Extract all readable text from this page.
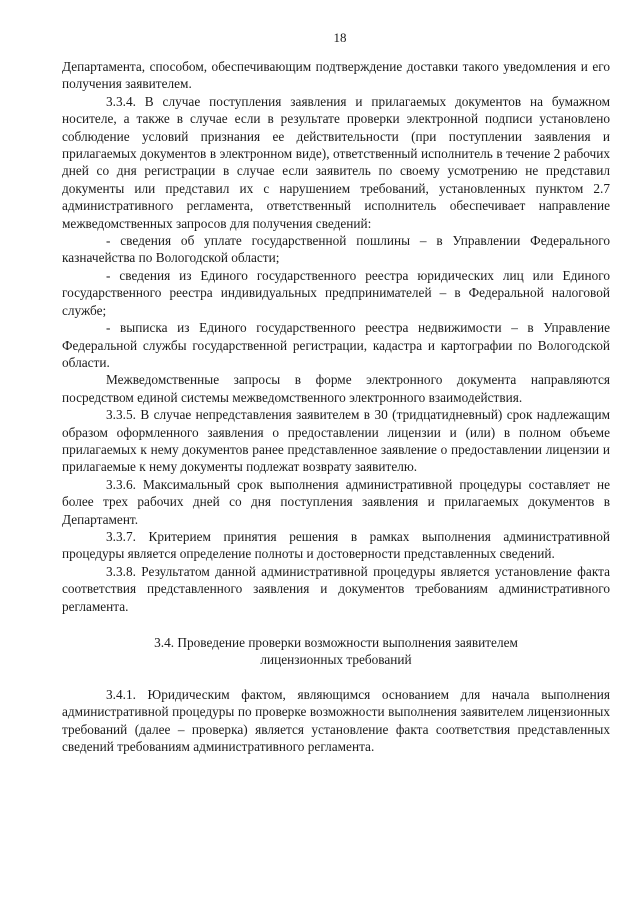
18

Департамента, способом, обеспечивающим подтверждение доставки такого уведомления и его получения заявителем.

3.3.4. В случае поступления заявления и прилагаемых документов на бумажном носителе, а также в случае если в результате проверки электронной подписи установлено соблюдение условий признания ее действительности (при поступлении заявления и прилагаемых документов в электронном виде), ответственный исполнитель в течение 2 рабочих дней со дня регистрации в случае если заявитель по своему усмотрению не представил документы или представил их с нарушением требований, установленных пунктом 2.7 административного регламента, ответственный исполнитель обеспечивает направление межведомственных запросов для получения сведений:

- сведения об уплате государственной пошлины – в Управлении Федерального казначейства по Вологодской области;

- сведения из Единого государственного реестра юридических лиц или Единого государственного реестра индивидуальных предпринимателей – в Федеральной налоговой службе;

- выписка из Единого государственного реестра недвижимости – в Управление Федеральной службы государственной регистрации, кадастра и картографии по Вологодской области.

Межведомственные запросы в форме электронного документа направляются посредством единой системы межведомственного электронного взаимодействия.

3.3.5. В случае непредставления заявителем в 30 (тридцатидневный) срок надлежащим образом оформленного заявления о предоставлении лицензии и (или) в полном объеме прилагаемых к нему документов ранее представленное заявление о предоставлении лицензии и прилагаемые к нему документы подлежат возврату заявителю.

3.3.6. Максимальный срок выполнения административной процедуры составляет не более трех рабочих дней со дня поступления заявления и прилагаемых документов в Департамент.

3.3.7. Критерием принятия решения в рамках выполнения административной процедуры является определение полноты и достоверности представленных сведений.

3.3.8. Результатом данной административной процедуры является установление факта соответствия представленного заявления и документов требованиям административного регламента.

3.4. Проведение проверки возможности выполнения заявителем
лицензионных требований

3.4.1. Юридическим фактом, являющимся основанием для начала выполнения административной процедуры по проверке возможности выполнения заявителем лицензионных требований (далее – проверка) является установление факта соответствия представленных сведений требованиям административного регламента.
